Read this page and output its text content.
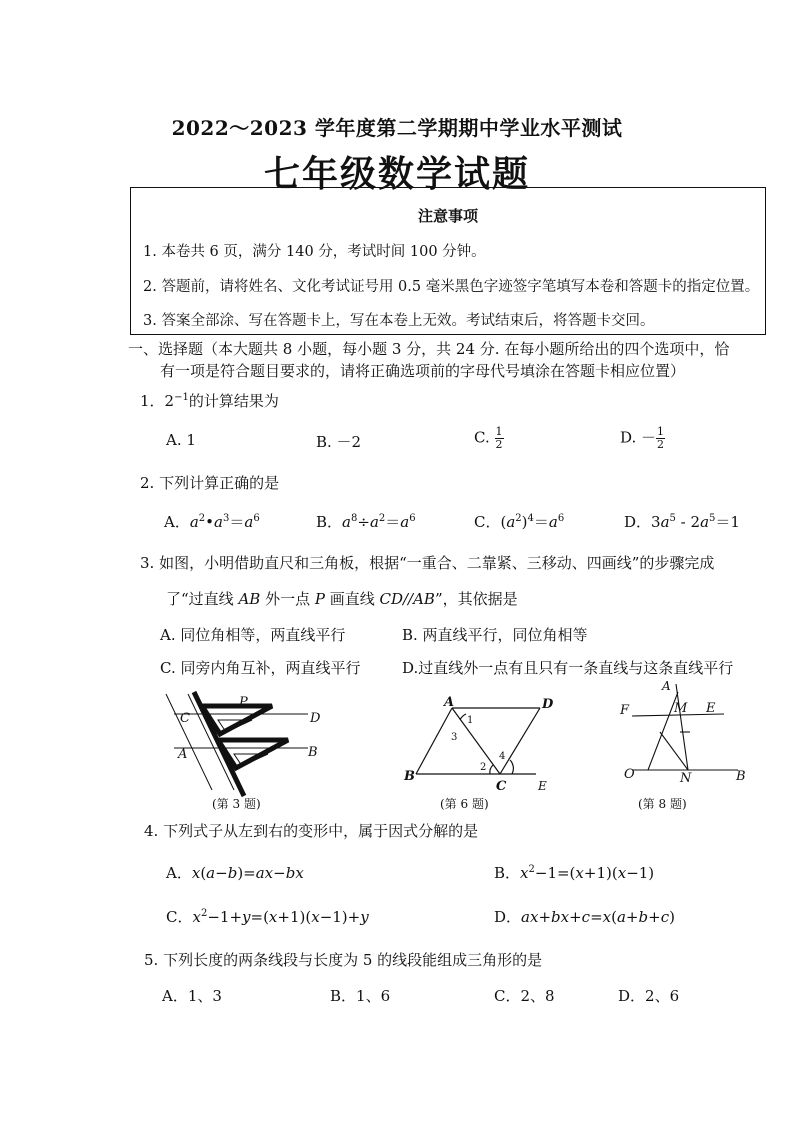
2022～2023 学年度第二学期期中学业水平测试
七年级数学试题
注意事项
1. 本卷共 6 页，满分 140 分，考试时间 100 分钟。
2. 答题前，请将姓名、文化考试证号用 0.5 毫米黑色字迹签字笔填写本卷和答题卡的指定位置。
3. 答案全部涂、写在答题卡上，写在本卷上无效。考试结束后，将答题卡交回。
一、选择题（本大题共 8 小题，每小题 3 分，共 24 分. 在每小题所给出的四个选项中，恰
有一项是符合题目要求的，请将正确选项前的字母代号填涂在答题卡相应位置）
1．$2^{-1}$的计算结果为
A. 1	B. －2	C. $\frac{1}{2}$	D. － $\frac{1}{2}$
2. 下列计算正确的是
A．$a^2•a^3=a^6$	B．$a^8\div a^2=a^6$	C．$(a^2)^4=a^6$	D．$3a^5 - 2a^5=1$
3. 如图，小明借助直尺和三角板，根据“一重合、二靠紧、三移动、四画线”的步骤完成
了“过直线 AB 外一点 P 画直线 CD//AB”，其依据是
A. 同位角相等，两直线平行	B. 两直线平行，同位角相等
C. 同旁内角互补，两直线平行	D.过直线外一点有且只有一条直线与这条直线平行
P
C	D
A	B
(第 3 题)
A	D
B
C	E
1
2
3
4
(第 6 题)
A
F	M E
O	N	B
(第 8 题)
4. 下列式子从左到右的变形中，属于因式分解的是
A．x(a−b)=ax−bx	B．$x^2-1=(x+1)(x-1)$
C．$x^2-1+y=(x+1)(x-1)+y$	D．ax+bx+c=x(a+b+c)
5. 下列长度的两条线段与长度为 5 的线段能组成三角形的是
A．1、3	B．1、6	C．2、8	D．2、6
